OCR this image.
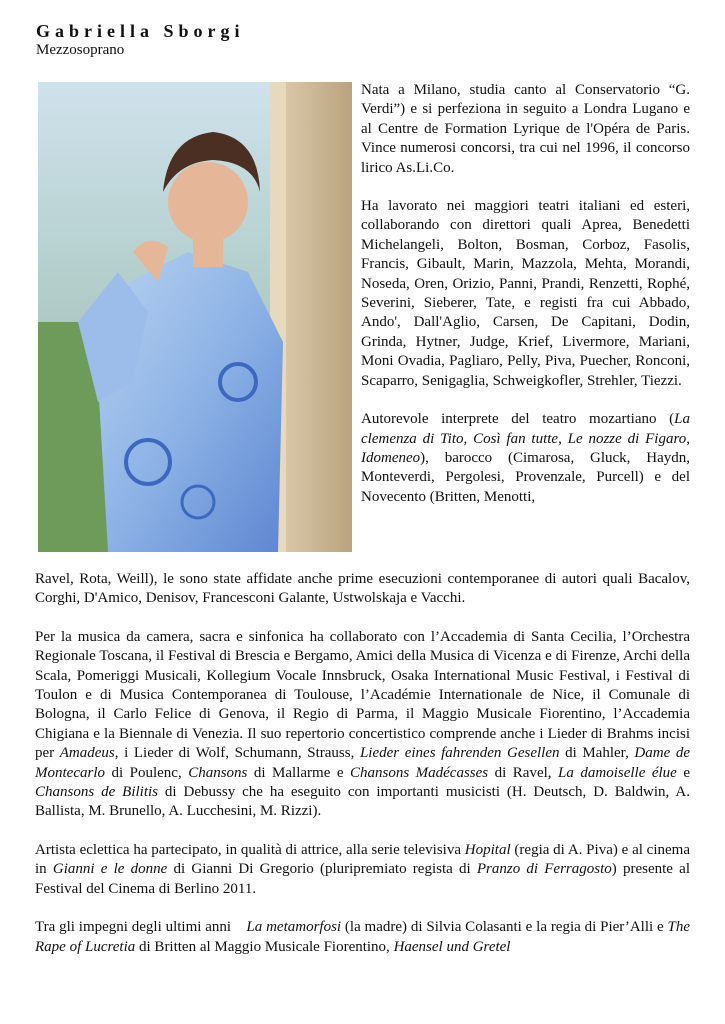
Gabriella Sborgi
Mezzosoprano

Nata a Milano, studia canto al Conservatorio “G. Verdi”) e si perfeziona in seguito a Londra Lugano e al Centre de Formation Lyrique de l'Opéra de Paris. Vince numerosi concorsi, tra cui nel 1996, il concorso lirico As.Li.Co.

Ha lavorato nei maggiori teatri italiani ed esteri, collaborando con direttori quali Aprea, Benedetti Michelangeli, Bolton, Bosman, Corboz, Fasolis, Francis, Gibault, Marin, Mazzola, Mehta, Morandi, Noseda, Oren, Orizio, Panni, Prandi, Renzetti, Rophé, Severini, Sieberer, Tate, e registi fra cui Abbado, Ando', Dall'Aglio, Carsen, De Capitani, Dodin, Grinda, Hytner, Judge, Krief, Livermore, Mariani, Moni Ovadia, Pagliaro, Pelly, Piva, Puecher, Ronconi, Scaparro, Senigaglia, Schweigkofler, Strehler, Tiezzi.

Autorevole interprete del teatro mozartiano (La clemenza di Tito, Così fan tutte, Le nozze di Figaro, Idomeneo), barocco (Cimarosa, Gluck, Haydn, Monteverdi, Pergolesi, Provenzale, Purcell) e del Novecento (Britten, Menotti,

Ravel, Rota, Weill), le sono state affidate anche prime esecuzioni contemporanee di autori quali Bacalov, Corghi, D'Amico, Denisov, Francesconi Galante, Ustwolskaja e Vacchi.

Per la musica da camera, sacra e sinfonica ha collaborato con l’Accademia di Santa Cecilia, l’Orchestra Regionale Toscana, il Festival di Brescia e Bergamo, Amici della Musica di Vicenza e di Firenze, Archi della Scala, Pomeriggi Musicali, Kollegium Vocale Innsbruck, Osaka International Music Festival, i Festival di Toulon e di Musica Contemporanea di Toulouse, l’Académie Internationale de Nice, il Comunale di Bologna, il Carlo Felice di Genova, il Regio di Parma, il Maggio Musicale Fiorentino, l’Accademia Chigiana e la Biennale di Venezia. Il suo repertorio concertistico comprende anche i Lieder di Brahms incisi per Amadeus, i Lieder di Wolf, Schumann, Strauss, Lieder eines fahrenden Gesellen di Mahler, Dame de Montecarlo di Poulenc, Chansons di Mallarme e Chansons Madécasses di Ravel, La damoiselle élue e Chansons de Bilitis di Debussy che ha eseguito con importanti musicisti (H. Deutsch, D. Baldwin, A. Ballista, M. Brunello, A. Lucchesini, M. Rizzi).

Artista eclettica ha partecipato, in qualità di attrice, alla serie televisiva Hopital (regia di A. Piva) e al cinema in Gianni e le donne di Gianni Di Gregorio (pluripremiato regista di Pranzo di Ferragosto) presente al Festival del Cinema di Berlino 2011.

Tra gli impegni degli ultimi anni    La metamorfosi (la madre) di Silvia Colasanti e la regia di Pier’Alli e The Rape of Lucretia di Britten al Maggio Musicale Fiorentino, Haensel und Gretel
